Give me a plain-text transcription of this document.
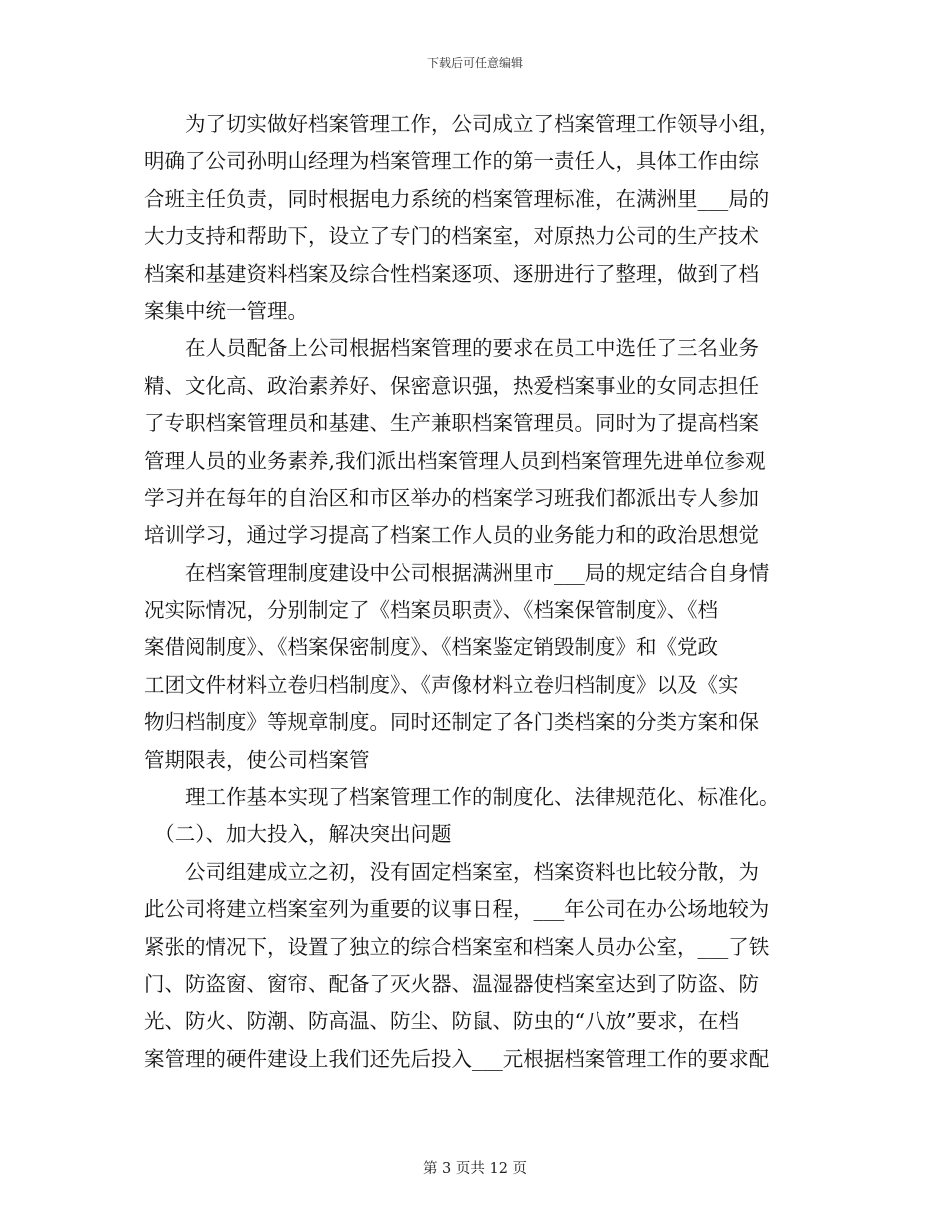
下载后可任意编辑
　　为了切实做好档案管理工作，公司成立了档案管理工作领导小组，
明确了公司孙明山经理为档案管理工作的第一责任人，具体工作由综
合班主任负责，同时根据电力系统的档案管理标准，在满洲里___局的
大力支持和帮助下，设立了专门的档案室，对原热力公司的生产技术
档案和基建资料档案及综合性档案逐项、逐册进行了整理，做到了档
案集中统一管理。
　　在人员配备上公司根据档案管理的要求在员工中选任了三名业务
精、文化高、政治素养好、保密意识强，热爱档案事业的女同志担任
了专职档案管理员和基建、生产兼职档案管理员。同时为了提高档案
管理人员的业务素养,我们派出档案管理人员到档案管理先进单位参观
学习并在每年的自治区和市区举办的档案学习班我们都派出专人参加
培训学习，通过学习提高了档案工作人员的业务能力和的政治思想觉
　　在档案管理制度建设中公司根据满洲里市___局的规定结合自身情
况实际情况，分别制定了《档案员职责》、《档案保管制度》、《档
案借阅制度》、《档案保密制度》、《档案鉴定销毁制度》和《党政
工团文件材料立卷归档制度》、《声像材料立卷归档制度》以及《实
物归档制度》等规章制度。同时还制定了各门类档案的分类方案和保
管期限表，使公司档案管
　　理工作基本实现了档案管理工作的制度化、法律规范化、标准化。
　（二）、加大投入，解决突出问题
　　公司组建成立之初，没有固定档案室，档案资料也比较分散，为
此公司将建立档案室列为重要的议事日程，___年公司在办公场地较为
紧张的情况下，设置了独立的综合档案室和档案人员办公室，___了铁
门、防盗窗、窗帘、配备了灭火器、温湿器使档案室达到了防盗、防
光、防火、防潮、防高温、防尘、防鼠、防虫的“八放”要求，在档
案管理的硬件建设上我们还先后投入___元根据档案管理工作的要求配
第 3 页共 12 页
